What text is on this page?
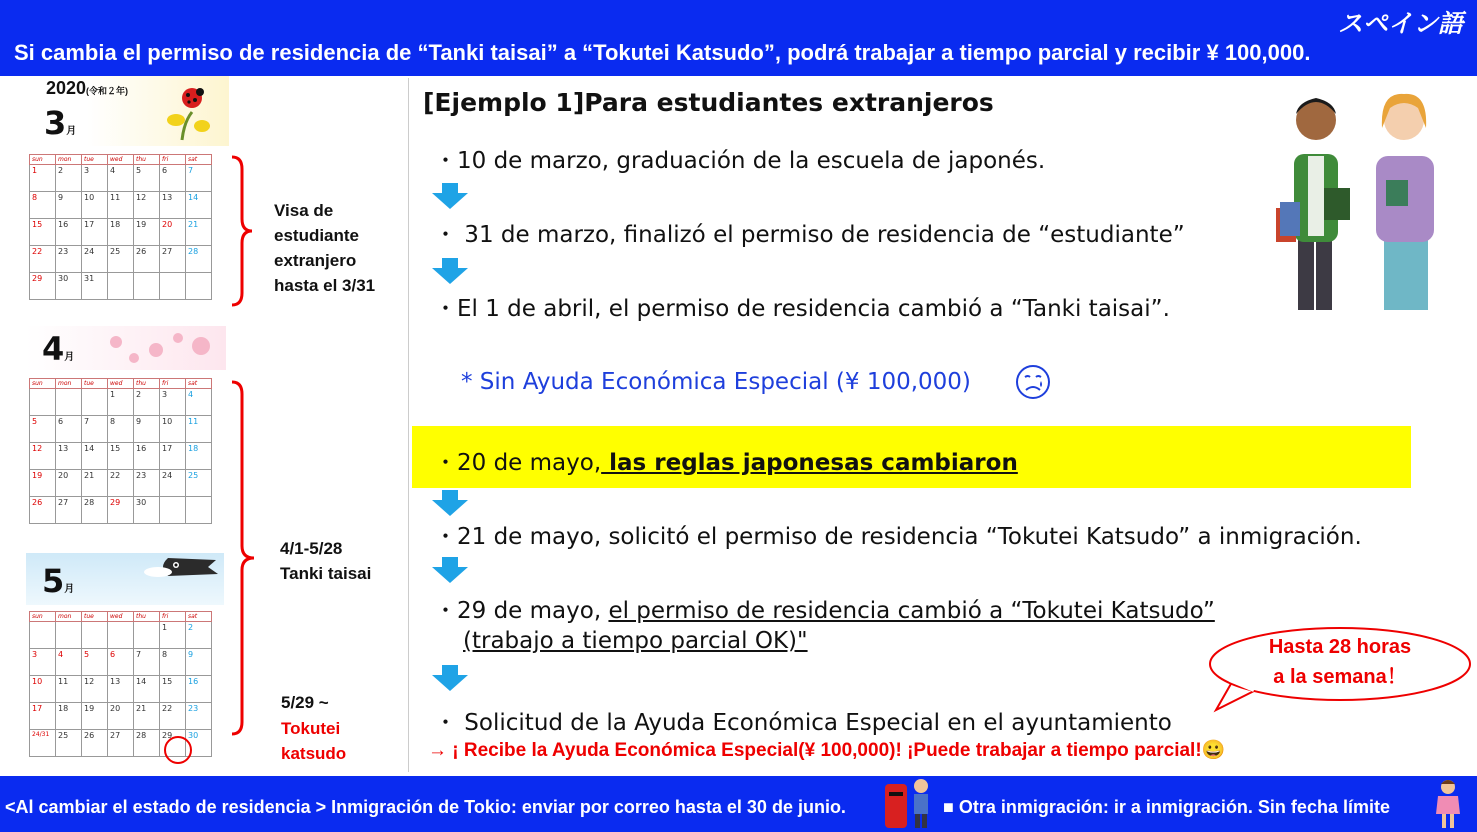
スペイン語
Si cambia el permiso de residencia de “Tanki taisai” a “Tokutei Katsudo”, podrá trabajar a tiempo parcial y recibir ¥ 100,000.
2020(令和２年)
3月
sun	mon	tue	wed	thu	fri	sat
1	2	3	4	5	6	7
8	9	10	11	12	13	14
15	16	17	18	19	20	21
22	23	24	25	26	27	28
29	30	31				
Visa de
estudiante
extranjero
hasta el 3/31
4月
sun	mon	tue	wed	thu	fri	sat
			1	2	3	4
5	6	7	8	9	10	11
12	13	14	15	16	17	18
19	20	21	22	23	24	25
26	27	28	29	30		
4/1-5/28
Tanki taisai
5月
sun	mon	tue	wed	thu	fri	sat
					1	2
3	4	5	6	7	8	9
10	11	12	13	14	15	16
17	18	19	20	21	22	23
24/31	25	26	27	28	29	30
5/29 ~
Tokutei
katsudo
[Ejemplo 1]Para estudiantes extranjeros
・10 de marzo, graduación de la escuela de japonés.
・ 31 de marzo, finalizó el permiso de residencia de “estudiante”
・El 1 de abril, el permiso de residencia cambió a “Tanki taisai”.
* Sin Ayuda Económica Especial (¥ 100,000)
・20 de mayo, las reglas japonesas cambiaron
・21 de mayo, solicitó el permiso de residencia “Tokutei Katsudo” a inmigración.
・29 de mayo, el permiso de residencia cambió a “Tokutei Katsudo”
(trabajo a tiempo parcial OK)"
・ Solicitud de la Ayuda Económica Especial en el ayuntamiento
→ ¡ Recibe la Ayuda Económica Especial(¥ 100,000)! ¡Puede trabajar a tiempo parcial!😀
Hasta 28 horas
a la semana！
<Al cambiar el estado de residencia > Inmigración de Tokio: enviar por correo hasta el 30 de junio.	■ Otra inmigración: ir a inmigración. Sin fecha límite
